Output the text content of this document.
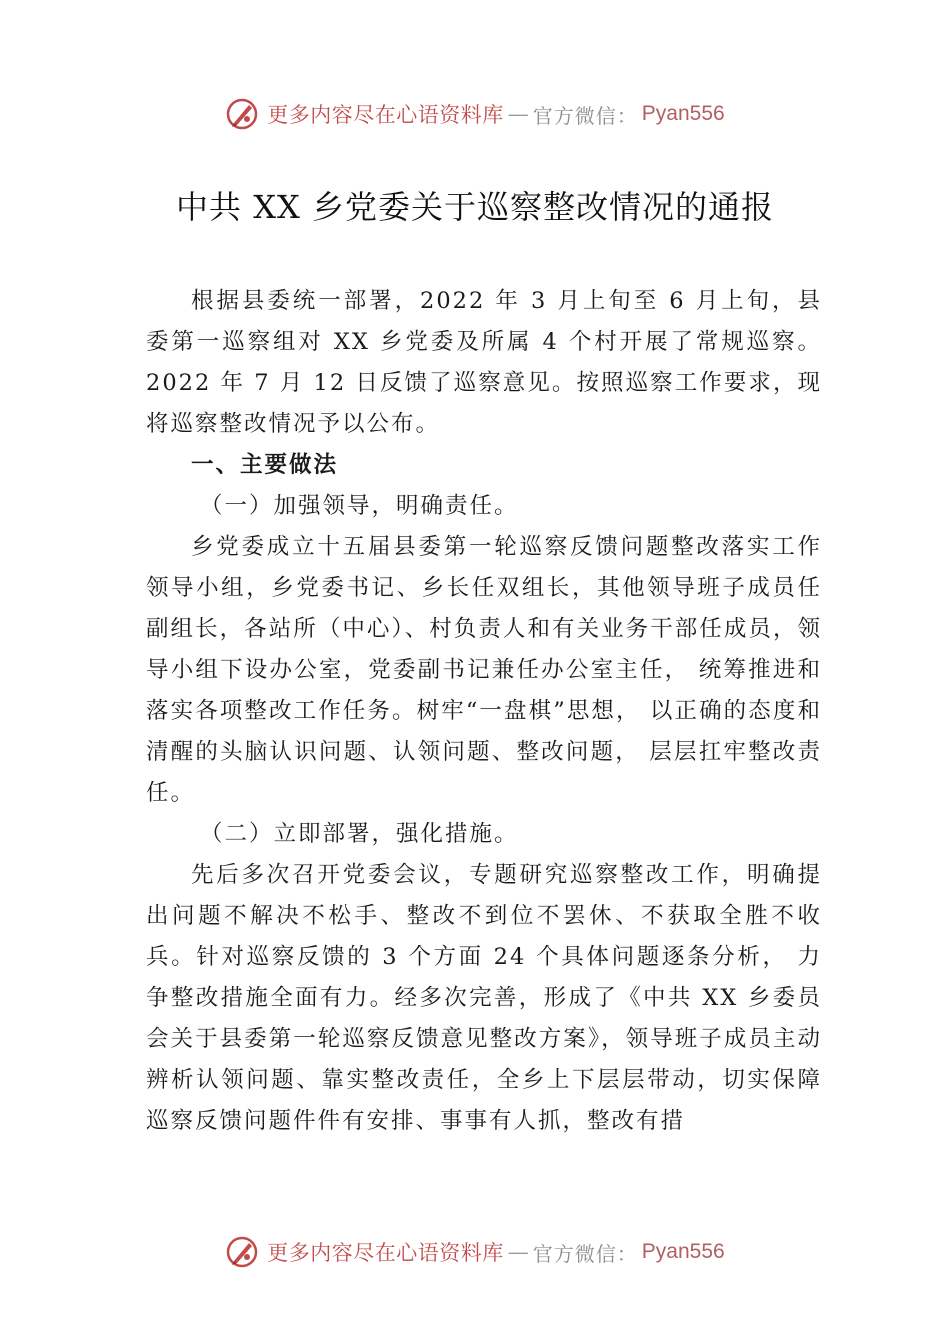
更多内容尽在心语资料库 — 官方微信： Pyan556
中共 XX 乡党委关于巡察整改情况的通报

根据县委统一部署，2022 年 3 月上旬至 6 月上旬，县委第一巡察组对 XX 乡党委及所属 4 个村开展了常规巡察。2022 年 7 月 12 日反馈了巡察意见。按照巡察工作要求，现将巡察整改情况予以公布。

一、主要做法

（一）加强领导，明确责任。

乡党委成立十五届县委第一轮巡察反馈问题整改落实工作领导小组，乡党委书记、乡长任双组长，其他领导班子成员任副组长，各站所（中心）、村负责人和有关业务干部任成员，领导小组下设办公室，党委副书记兼任办公室主任， 统筹推进和落实各项整改工作任务。树牢“一盘棋”思想， 以正确的态度和清醒的头脑认识问题、认领问题、整改问题， 层层扛牢整改责任。

（二）立即部署，强化措施。

先后多次召开党委会议，专题研究巡察整改工作，明确提出问题不解决不松手、整改不到位不罢休、不获取全胜不收兵。针对巡察反馈的 3 个方面 24 个具体问题逐条分析， 力争整改措施全面有力。经多次完善，形成了《中共 XX 乡委员会关于县委第一轮巡察反馈意见整改方案》，领导班子成员主动辨析认领问题、靠实整改责任，全乡上下层层带动，切实保障巡察反馈问题件件有安排、事事有人抓，整改有措

更多内容尽在心语资料库 — 官方微信： Pyan556
